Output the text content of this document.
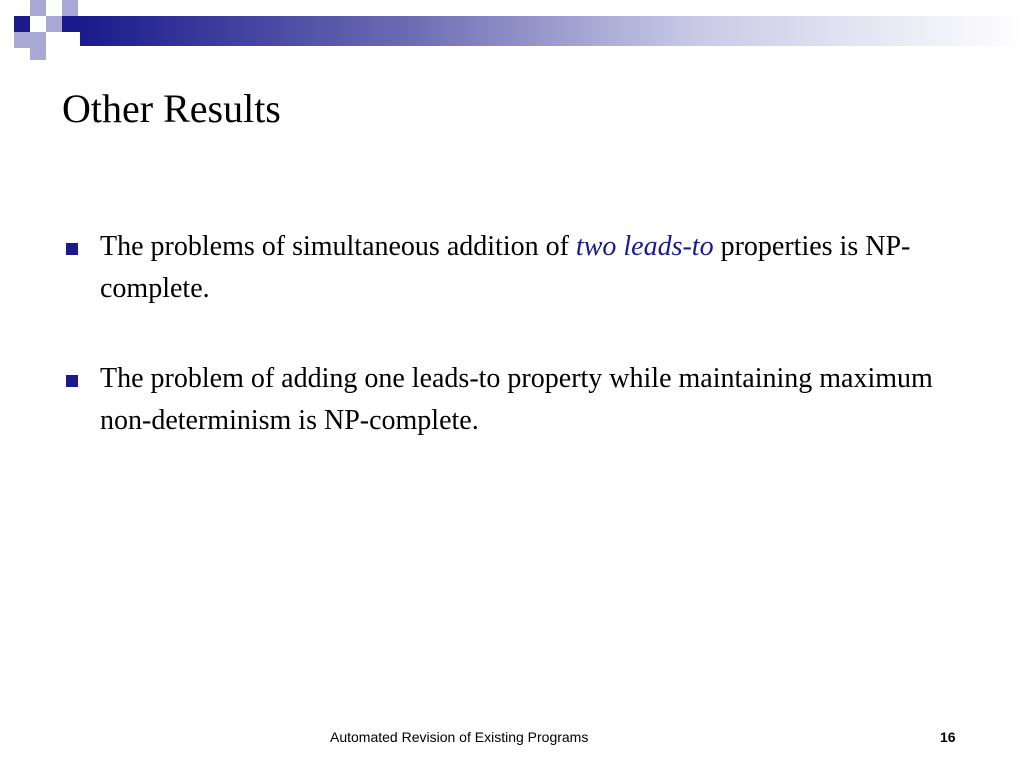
Other Results
The problems of simultaneous addition of two leads-to properties is NP-complete.
The problem of adding one leads-to property while maintaining maximum non-determinism is NP-complete.
Automated Revision of Existing Programs	16
